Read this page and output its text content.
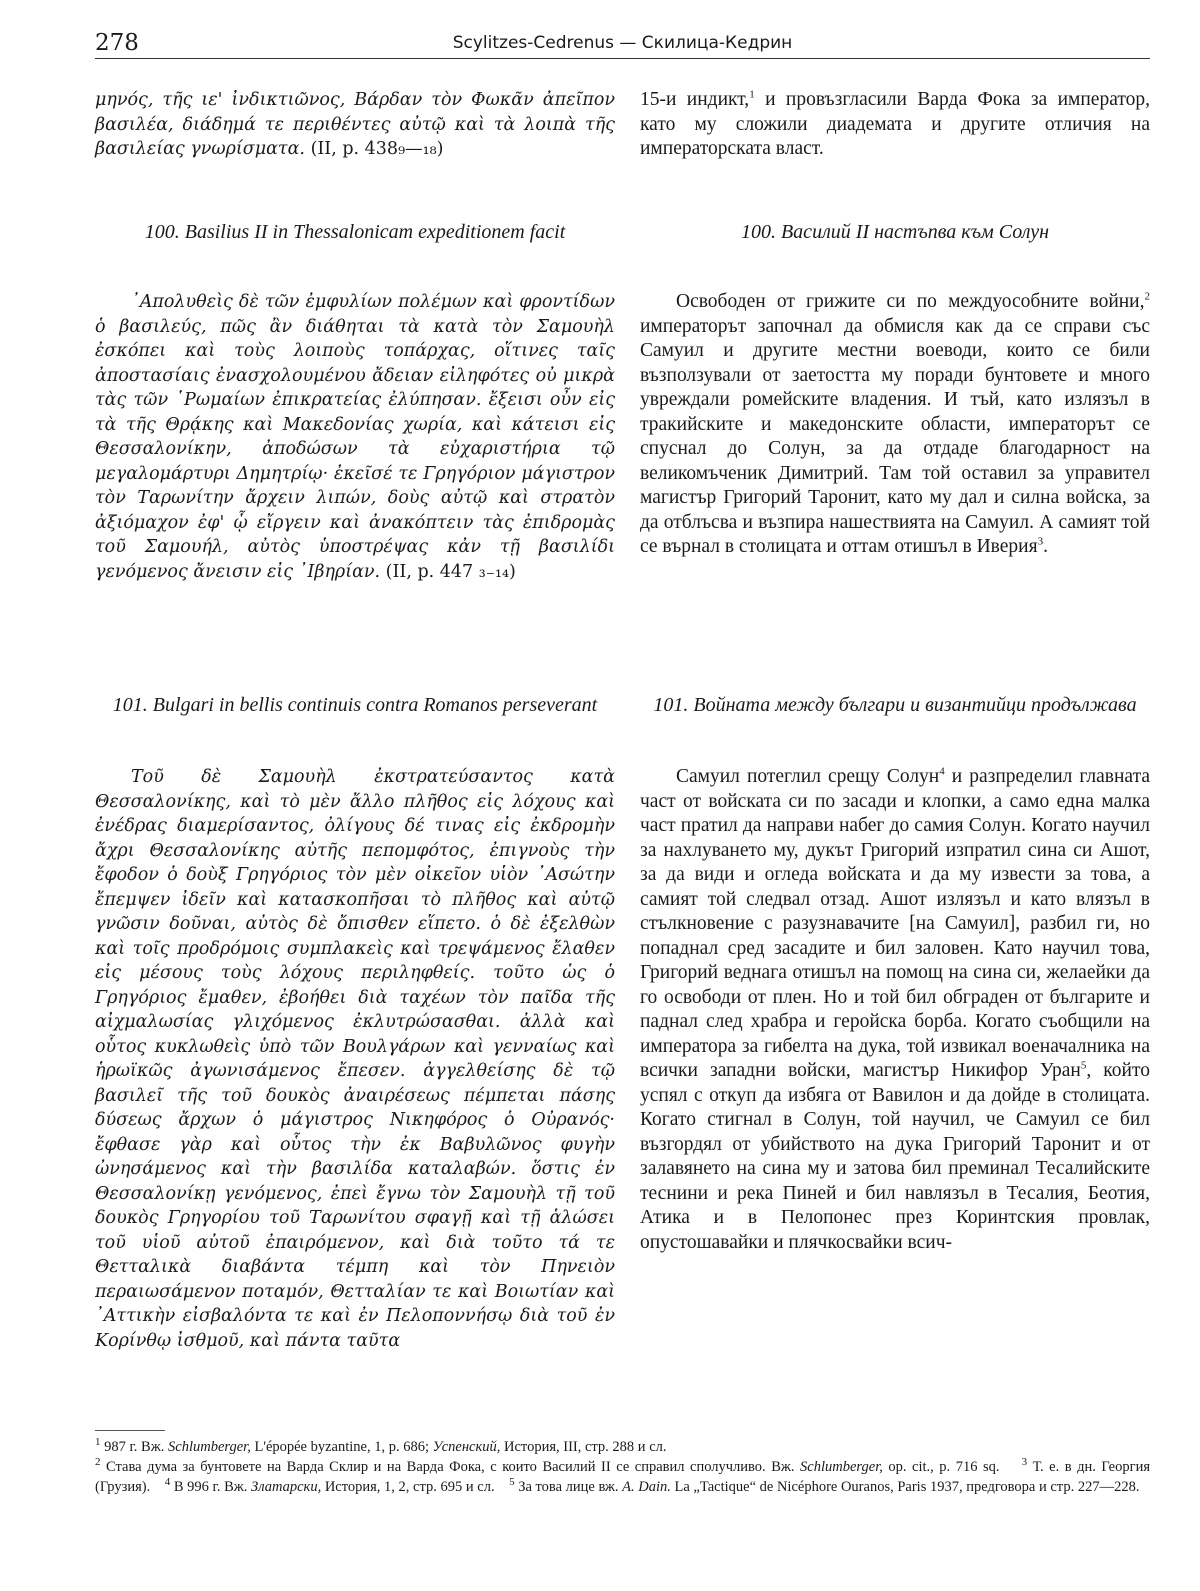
278	Scylitzes-Cedrenus — Скилица-Кедрин

μηνός, τῆς ιε' ἰνδικτιῶνος, Βάρδαν τὸν Φωκᾶν ἀπεῖπον βασιλέα, διάδημά τε περιθέντες αὐτῷ καὶ τὰ λοιπὰ τῆς βασιλείας γνωρίσματα. (II, p. 438₉—₁₈)

100. Basilius II in Thessalonicam expeditionem facit

᾿Απολυθεὶς δὲ τῶν ἐμφυλίων πολέμων καὶ φροντίδων ὁ βασιλεύς, πῶς ἂν διάθηται τὰ κατὰ τὸν Σαμουὴλ ἐσκόπει καὶ τοὺς λοιποὺς τοπάρχας, οἵτινες ταῖς ἀποστασίαις ἐνασχολουμένου ἄδειαν εἰληφότες οὐ μικρὰ τὰς τῶν ῾Ρωμαίων ἐπικρατείας ἐλύπησαν. ἔξεισι οὖν εἰς τὰ τῆς Θρᾴκης καὶ Μακεδονίας χωρία, καὶ κάτεισι εἰς Θεσσαλονίκην, ἀποδώσων τὰ εὐχαριστήρια τῷ μεγαλομάρτυρι Δημητρίῳ· ἐκεῖσέ τε Γρηγόριον μάγιστρον τὸν Ταρωνίτην ἄρχειν λιπών, δοὺς αὐτῷ καὶ στρατὸν ἀξιόμαχον ἐφ' ᾧ εἴργειν καὶ ἀνακόπτειν τὰς ἐπιδρομὰς τοῦ Σαμουήλ, αὐτὸς ὑποστρέψας κἀν τῇ βασιλίδι γενόμενος ἄνεισιν εἰς ᾿Ιβηρίαν. (II, p. 447 ₃₋₁₄)

101. Bulgari in bellis continuis contra Romanos perseverant

Τοῦ δὲ Σαμουὴλ ἐκστρατεύσαντος κατὰ Θεσσαλονίκης, καὶ τὸ μὲν ἄλλο πλῆθος εἰς λόχους καὶ ἐνέδρας διαμερίσαντος, ὀλίγους δέ τινας εἰς ἐκδρομὴν ἄχρι Θεσσαλονίκης αὐτῆς πεπομφότος, ἐπιγνοὺς τὴν ἔφοδον ὁ δοὺξ Γρηγόριος τὸν μὲν οἰκεῖον υἱὸν ᾿Ασώτην ἔπεμψεν ἰδεῖν καὶ κατασκοπῆσαι τὸ πλῆθος καὶ αὐτῷ γνῶσιν δοῦναι, αὐτὸς δὲ ὄπισθεν εἵπετο. ὁ δὲ ἐξελθὼν καὶ τοῖς προδρόμοις συμπλακεὶς καὶ τρεψάμενος ἔλαθεν εἰς μέσους τοὺς λόχους περιληφθείς. τοῦτο ὡς ὁ Γρηγόριος ἔμαθεν, ἐβοήθει διὰ ταχέων τὸν παῖδα τῆς αἰχμαλωσίας γλιχόμενος ἐκλυτρώσασθαι. ἀλλὰ καὶ οὗτος κυκλωθεὶς ὑπὸ τῶν Βουλγάρων καὶ γενναίως καὶ ἡρωϊκῶς ἀγωνισάμενος ἔπεσεν. ἀγγελθείσης δὲ τῷ βασιλεῖ τῆς τοῦ δουκὸς ἀναιρέσεως πέμπεται πάσης δύσεως ἄρχων ὁ μάγιστρος Νικηφόρος ὁ Οὐρανός· ἔφθασε γὰρ καὶ οὗτος τὴν ἐκ Βαβυλῶνος φυγὴν ὠνησάμενος καὶ τὴν βασιλίδα καταλαβών. ὅστις ἐν Θεσσαλονίκῃ γενόμενος, ἐπεὶ ἔγνω τὸν Σαμουὴλ τῇ τοῦ δουκὸς Γρηγορίου τοῦ Ταρωνίτου σφαγῇ καὶ τῇ ἁλώσει τοῦ υἱοῦ αὐτοῦ ἐπαιρόμενον, καὶ διὰ τοῦτο τά τε Θετταλικὰ διαβάντα τέμπη καὶ τὸν Πηνειὸν περαιωσάμενον ποταμόν, Θετταλίαν τε καὶ Βοιωτίαν καὶ ᾿Αττικὴν εἰσβαλόντα τε καὶ ἐν Πελοποννήσῳ διὰ τοῦ ἐν Κορίνθῳ ἰσθμοῦ, καὶ πάντα ταῦτα

15-и индикт,$^1$ и провъзгласили Варда Фока за император, като му сложили диадемата и другите отличия на императорската власт.

100. Василий II настъпва към Солун

Освободен от грижите си по междуособните войни,$^2$ императорът започнал да обмисля как да се справи със Самуил и другите местни воеводи, които се били възползували от заетостта му поради бунтовете и много увреждали ромейските владения. И тъй, като излязъл в тракийските и македонските области, императорът се спуснал до Солун, за да отдаде благодарност на великомъченик Димитрий. Там той оставил за управител магистър Григорий Таронит, като му дал и силна войска, за да отблъсва и възпира нашествията на Самуил. А самият той се върнал в столицата и оттам отишъл в Иверия$^3$.

101. Войната между българи и византийци продължава

Самуил потеглил срещу Солун$^4$ и разпределил главната част от войската си по засади и клопки, а само една малка част пратил да направи набег до самия Солун. Когато научил за нахлуването му, дукът Григорий изпратил сина си Ашот, за да види и огледа войската и да му извести за това, а самият той следвал отзад. Ашот излязъл и като влязъл в стълкновение с разузнавачите [на Самуил], разбил ги, но попаднал сред засадите и бил заловен. Като научил това, Григорий веднага отишъл на помощ на сина си, желаейки да го освободи от плен. Но и той бил обграден от българите и паднал след храбра и геройска борба. Когато съобщили на императора за гибелта на дука, той извикал военачалника на всички западни войски, магистър Никифор Уран$^5$, който успял с откуп да избяга от Вавилон и да дойде в столицата. Когато стигнал в Солун, той научил, че Самуил се бил възгордял от убийството на дука Григорий Таронит и от залавянето на сина му и затова бил преминал Тесалийските теснини и река Пиней и бил навлязъл в Тесалия, Беотия, Атика и в Пелопонес през Коринтския провлак, опустошавайки и плячкосвайки всич-

$^1$ 987 г. Вж. Schlumberger, L'épopée byzantine, 1, p. 686; Успенский, История, III, стр. 288 и сл.

$^2$ Става дума за бунтовете на Варда Склир и на Варда Фока, с които Василий II се справил сполучливо. Вж. Schlumberger, op. cit., p. 716 sq. $^3$ Т. е. в дн. Георгия (Грузия). $^4$ В 996 г. Вж. Златарски, История, 1, 2, стр. 695 и сл. $^5$ За това лице вж. A. Dain. La „Tactique“ de Nicéphore Ouranos, Paris 1937, предговора и стр. 227—228.
